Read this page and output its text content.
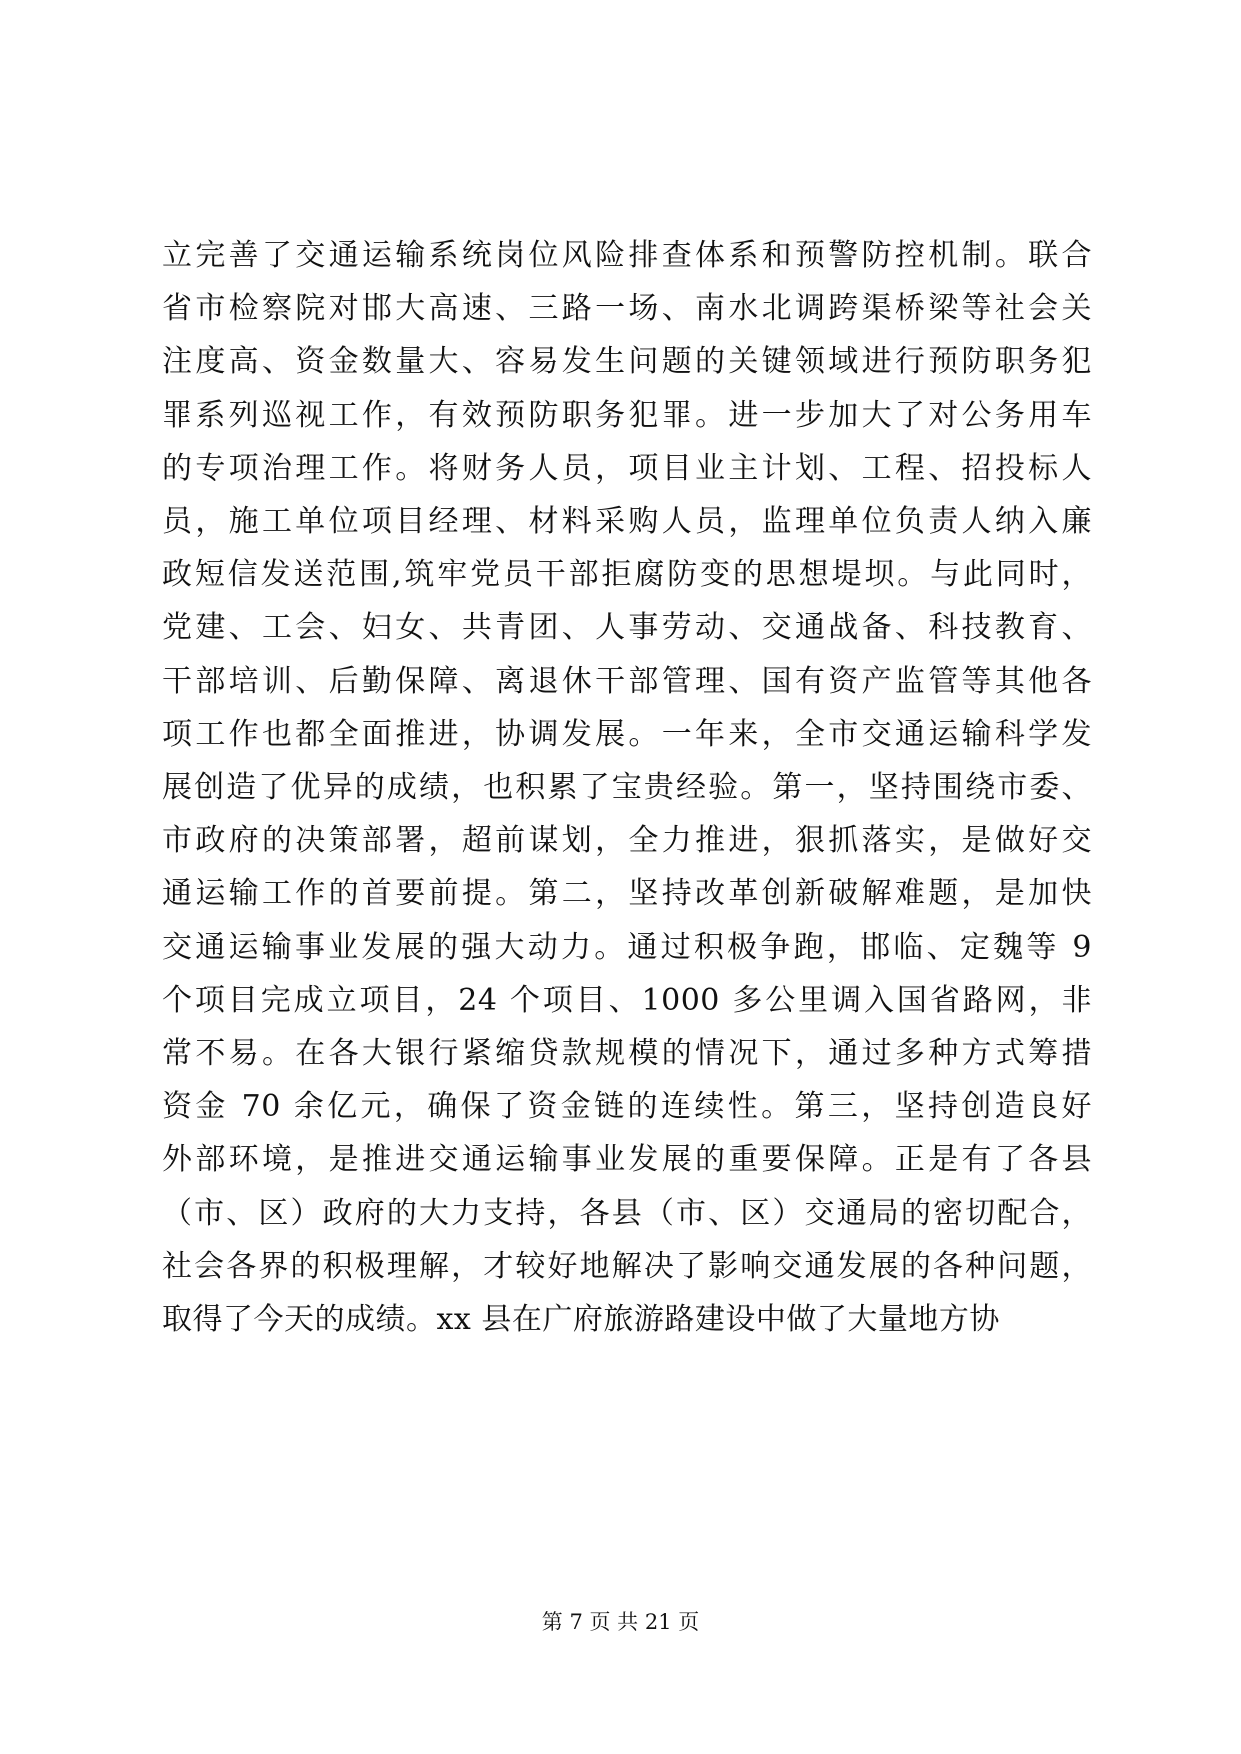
立完善了交通运输系统岗位风险排查体系和预警防控机制。联合
省市检察院对邯大高速、三路一场、南水北调跨渠桥梁等社会关
注度高、资金数量大、容易发生问题的关键领域进行预防职务犯
罪系列巡视工作，有效预防职务犯罪。进一步加大了对公务用车
的专项治理工作。将财务人员，项目业主计划、工程、招投标人
员，施工单位项目经理、材料采购人员，监理单位负责人纳入廉
政短信发送范围,筑牢党员干部拒腐防变的思想堤坝。与此同时，
党建、工会、妇女、共青团、人事劳动、交通战备、科技教育、
干部培训、后勤保障、离退休干部管理、国有资产监管等其他各
项工作也都全面推进，协调发展。一年来，全市交通运输科学发
展创造了优异的成绩，也积累了宝贵经验。第一，坚持围绕市委、
市政府的决策部署，超前谋划，全力推进，狠抓落实，是做好交
通运输工作的首要前提。第二，坚持改革创新破解难题，是加快
交通运输事业发展的强大动力。通过积极争跑，邯临、定魏等 9
个项目完成立项目，24 个项目、1000 多公里调入国省路网，非
常不易。在各大银行紧缩贷款规模的情况下，通过多种方式筹措
资金 70 余亿元，确保了资金链的连续性。第三，坚持创造良好
外部环境，是推进交通运输事业发展的重要保障。正是有了各县
（市、区）政府的大力支持，各县（市、区）交通局的密切配合，
社会各界的积极理解，才较好地解决了影响交通发展的各种问题，
取得了今天的成绩。xx 县在广府旅游路建设中做了大量地方协
第 7 页 共 21 页
